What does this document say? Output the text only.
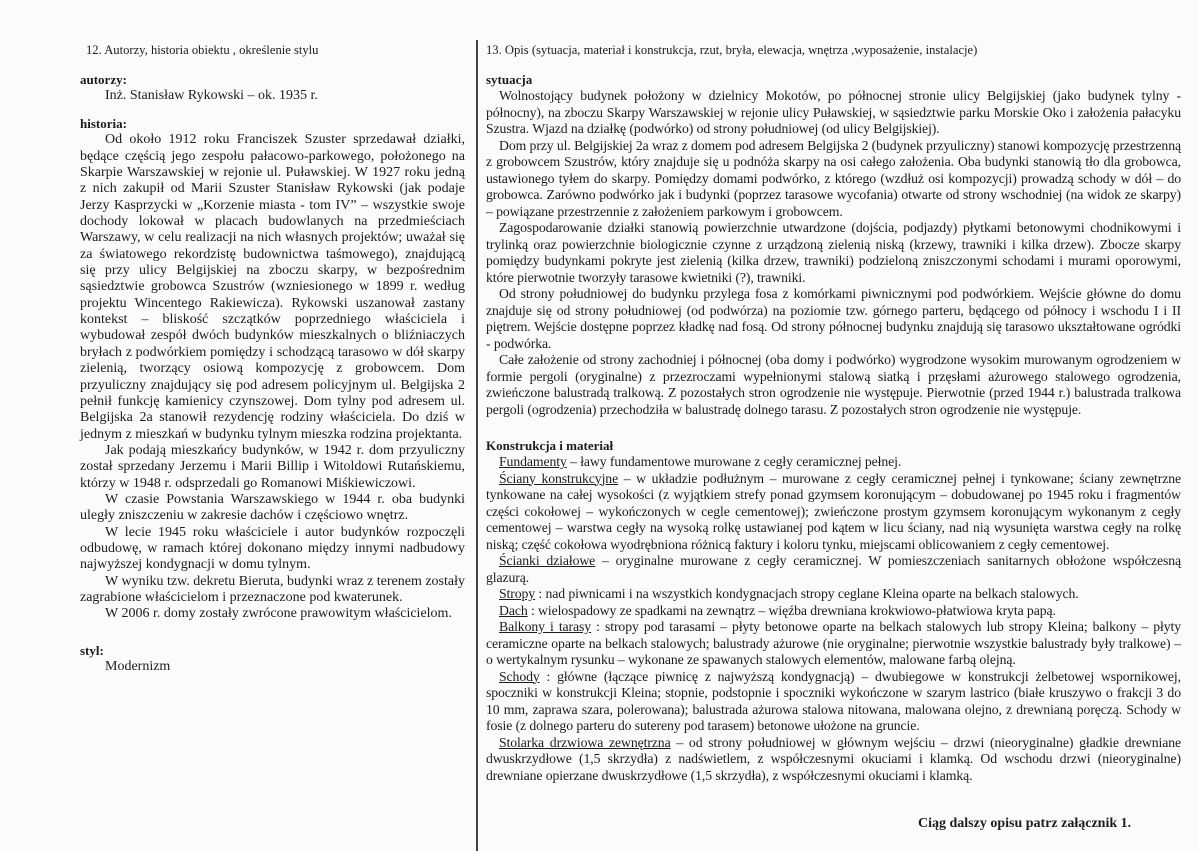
12. Autorzy, historia obiektu , określenie stylu
autorzy:

Inż. Stanisław Rykowski – ok. 1935 r.

historia:

Od około 1912 roku Franciszek Szuster sprzedawał działki, będące częścią jego zespołu pałacowo-parkowego, położonego na Skarpie Warszawskiej w rejonie ul. Puławskiej. W 1927 roku jedną z nich zakupił od Marii Szuster Stanisław Rykowski (jak podaje Jerzy Kasprzycki w „Korzenie miasta - tom IV” – wszystkie swoje dochody lokował w placach budowlanych na przedmieściach Warszawy, w celu realizacji na nich własnych projektów; uważał się za światowego rekordzistę budownictwa taśmowego), znajdującą się przy ulicy Belgijskiej na zboczu skarpy, w bezpośrednim sąsiedztwie grobowca Szustrów (wzniesionego w 1899 r. według projektu Wincentego Rakiewicza). Rykowski uszanował zastany kontekst – bliskość szczątków poprzedniego właściciela i wybudował zespół dwóch budynków mieszkalnych o bliźniaczych bryłach z podwórkiem pomiędzy i schodzącą tarasowo w dół skarpy zielenią, tworzący osiową kompozycję z grobowcem. Dom przyuliczny znajdujący się pod adresem policyjnym ul. Belgijska 2 pełnił funkcję kamienicy czynszowej. Dom tylny pod adresem ul. Belgijska 2a stanowił rezydencję rodziny właściciela. Do dziś w jednym z mieszkań w budynku tylnym mieszka rodzina projektanta.

Jak podają mieszkańcy budynków, w 1942 r. dom przyuliczny został sprzedany Jerzemu i Marii Billip i Witoldowi Rutańskiemu, którzy w 1948 r. odsprzedali go Romanowi Miśkiewiczowi.

W czasie Powstania Warszawskiego w 1944 r. oba budynki uległy zniszczeniu w zakresie dachów i częściowo wnętrz.

W lecie 1945 roku właściciele i autor budynków rozpoczęli odbudowę, w ramach której dokonano między innymi nadbudowy najwyższej kondygnacji w domu tylnym.

W wyniku tzw. dekretu Bieruta, budynki wraz z terenem zostały zagrabione właścicielom i przeznaczone pod kwaterunek.

W 2006 r. domy zostały zwrócone prawowitym właścicielom.

styl:

Modernizm

13. Opis (sytuacja, materiał i konstrukcja, rzut, bryła, elewacja, wnętrza ,wyposażenie, instalacje)
sytuacja

Wolnostojący budynek położony w dzielnicy Mokotów, po północnej stronie ulicy Belgijskiej (jako budynek tylny - północny), na zboczu Skarpy Warszawskiej w rejonie ulicy Puławskiej, w sąsiedztwie parku Morskie Oko i założenia pałacyku Szustra. Wjazd na działkę (podwórko) od strony południowej (od ulicy Belgijskiej).

Dom przy ul. Belgijskiej 2a wraz z domem pod adresem Belgijska 2 (budynek przyuliczny) stanowi kompozycję przestrzenną z grobowcem Szustrów, który znajduje się u podnóża skarpy na osi całego założenia. Oba budynki stanowią tło dla grobowca, ustawionego tyłem do skarpy. Pomiędzy domami podwórko, z którego (wzdłuż osi kompozycji) prowadzą schody w dół – do grobowca. Zarówno podwórko jak i budynki (poprzez tarasowe wycofania) otwarte od strony wschodniej (na widok ze skarpy) – powiązane przestrzennie z założeniem parkowym i grobowcem.

Zagospodarowanie działki stanowią powierzchnie utwardzone (dojścia, podjazdy) płytkami betonowymi chodnikowymi i trylinką oraz powierzchnie biologicznie czynne z urządzoną zielenią niską (krzewy, trawniki i kilka drzew). Zbocze skarpy pomiędzy budynkami pokryte jest zielenią (kilka drzew, trawniki) podzieloną zniszczonymi schodami i murami oporowymi, które pierwotnie tworzyły tarasowe kwietniki (?), trawniki.

Od strony południowej do budynku przylega fosa z komórkami piwnicznymi pod podwórkiem. Wejście główne do domu znajduje się od strony południowej (od podwórza) na poziomie tzw. górnego parteru, będącego od północy i wschodu I i II piętrem. Wejście dostępne poprzez kładkę nad fosą. Od strony północnej budynku znajdują się tarasowo ukształtowane ogródki - podwórka.

Całe założenie od strony zachodniej i północnej (oba domy i podwórko) wygrodzone wysokim murowanym ogrodzeniem w formie pergoli (oryginalne) z przezroczami wypełnionymi stalową siatką i przęsłami ażurowego stalowego ogrodzenia, zwieńczone balustradą tralkową. Z pozostałych stron ogrodzenie nie występuje. Pierwotnie (przed 1944 r.) balustrada tralkowa pergoli (ogrodzenia) przechodziła w balustradę dolnego tarasu. Z pozostałych stron ogrodzenie nie występuje.

Konstrukcja i materiał

Fundamenty – ławy fundamentowe murowane z cegły ceramicznej pełnej.

Ściany konstrukcyjne – w układzie podłużnym – murowane z cegły ceramicznej pełnej i tynkowane; ściany zewnętrzne tynkowane na całej wysokości (z wyjątkiem strefy ponad gzymsem koronującym – dobudowanej po 1945 roku i fragmentów części cokołowej – wykończonych w cegle cementowej); zwieńczone prostym gzymsem koronującym wykonanym z cegły cementowej – warstwa cegły na wysoką rolkę ustawianej pod kątem w licu ściany, nad nią wysunięta warstwa cegły na rolkę niską; część cokołowa wyodrębniona różnicą faktury i koloru tynku, miejscami oblicowaniem z cegły cementowej.

Ścianki działowe – oryginalne murowane z cegły ceramicznej. W pomieszczeniach sanitarnych obłożone współczesną glazurą.

Stropy : nad piwnicami i na wszystkich kondygnacjach stropy ceglane Kleina oparte na belkach stalowych.

Dach : wielospadowy ze spadkami na zewnątrz – więźba drewniana krokwiowo-płatwiowa kryta papą.

Balkony i tarasy : stropy pod tarasami – płyty betonowe oparte na belkach stalowych lub stropy Kleina; balkony – płyty ceramiczne oparte na belkach stalowych; balustrady ażurowe (nie oryginalne; pierwotnie wszystkie balustrady były tralkowe) – o wertykalnym rysunku – wykonane ze spawanych stalowych elementów, malowane farbą olejną.

Schody : główne (łączące piwnicę z najwyższą kondygnacją) – dwubiegowe w konstrukcji żelbetowej wspornikowej, spoczniki w konstrukcji Kleina; stopnie, podstopnie i spoczniki wykończone w szarym lastrico (białe kruszywo o frakcji 3 do 10 mm, zaprawa szara, polerowana); balustrada ażurowa stalowa nitowana, malowana olejno, z drewnianą poręczą. Schody w fosie (z dolnego parteru do sutereny pod tarasem) betonowe ułożone na gruncie.

Stolarka drzwiowa zewnętrzna – od strony południowej w głównym wejściu – drzwi (nieoryginalne) gładkie drewniane dwuskrzydłowe (1,5 skrzydła) z nadświetlem, z współczesnymi okuciami i klamką. Od wschodu drzwi (nieoryginalne) drewniane opierzane dwuskrzydłowe (1,5 skrzydła), z współczesnymi okuciami i klamką.

Ciąg dalszy opisu patrz załącznik 1.
